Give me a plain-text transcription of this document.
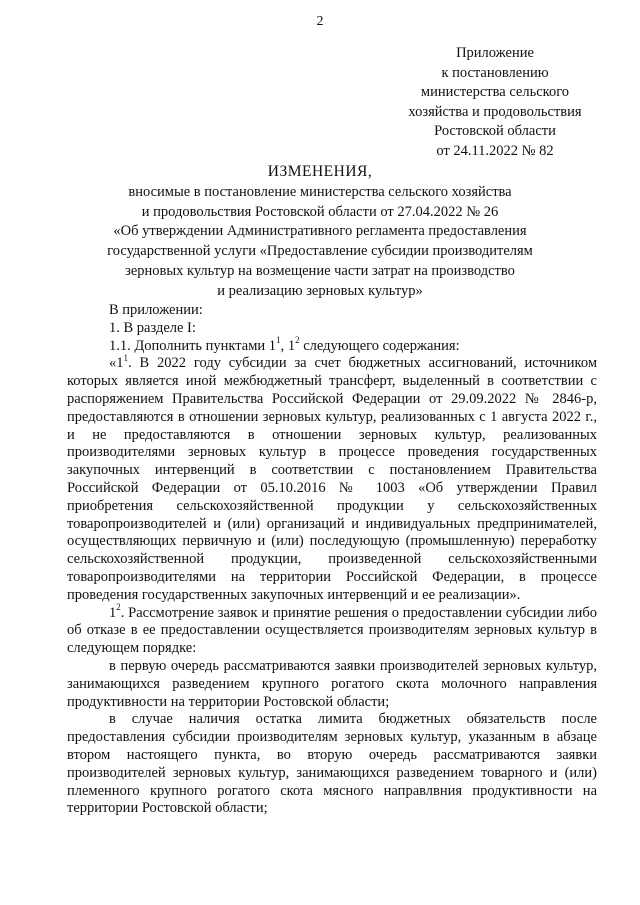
2
Приложение
к постановлению
министерства сельского
хозяйства и продовольствия
Ростовской области
от 24.11.2022 № 82
ИЗМЕНЕНИЯ,
вносимые в постановление министерства сельского хозяйства
и продовольствия Ростовской области от 27.04.2022 № 26
«Об утверждении Административного регламента предоставления
государственной услуги «Предоставление субсидии производителям
зерновых культур на возмещение части затрат на производство
и реализацию зерновых культур»

В приложении:

1. В разделе I:

1.1. Дополнить пунктами $1^1$, $1^2$ следующего содержания:

«$1^1$. В 2022 году субсидии за счет бюджетных ассигнований, источником которых является иной межбюджетный трансферт, выделенный в соответствии с распоряжением Правительства Российской Федерации от 29.09.2022 № 2846-р, предоставляются в отношении зерновых культур, реализованных с 1 августа 2022 г., и не предоставляются в отношении зерновых культур, реализованных производителями зерновых культур в процессе проведения государственных закупочных интервенций в соответствии с постановлением Правительства Российской Федерации от 05.10.2016 № 1003 «Об утверждении Правил приобретения сельскохозяйственной продукции у сельскохозяйственных товаропроизводителей и (или) организаций и индивидуальных предпринимателей, осуществляющих первичную и (или) последующую (промышленную) переработку сельскохозяйственной продукции, произведенной сельскохозяйственными товаропроизводителями на территории Российской Федерации, в процессе проведения государственных закупочных интервенций и ее реализации».

$1^2$. Рассмотрение заявок и принятие решения о предоставлении субсидии либо об отказе в ее предоставлении осуществляется производителям зерновых культур в следующем порядке:

в первую очередь рассматриваются заявки производителей зерновых культур, занимающихся разведением крупного рогатого скота молочного направления продуктивности на территории Ростовской области;

в случае наличия остатка лимита бюджетных обязательств после предоставления субсидии производителям зерновых культур, указанным в абзаце втором настоящего пункта, во вторую очередь рассматриваются заявки производителей зерновых культур, занимающихся разведением товарного и (или) племенного крупного рогатого скота мясного направлвния продуктивности на территории Ростовской области;
